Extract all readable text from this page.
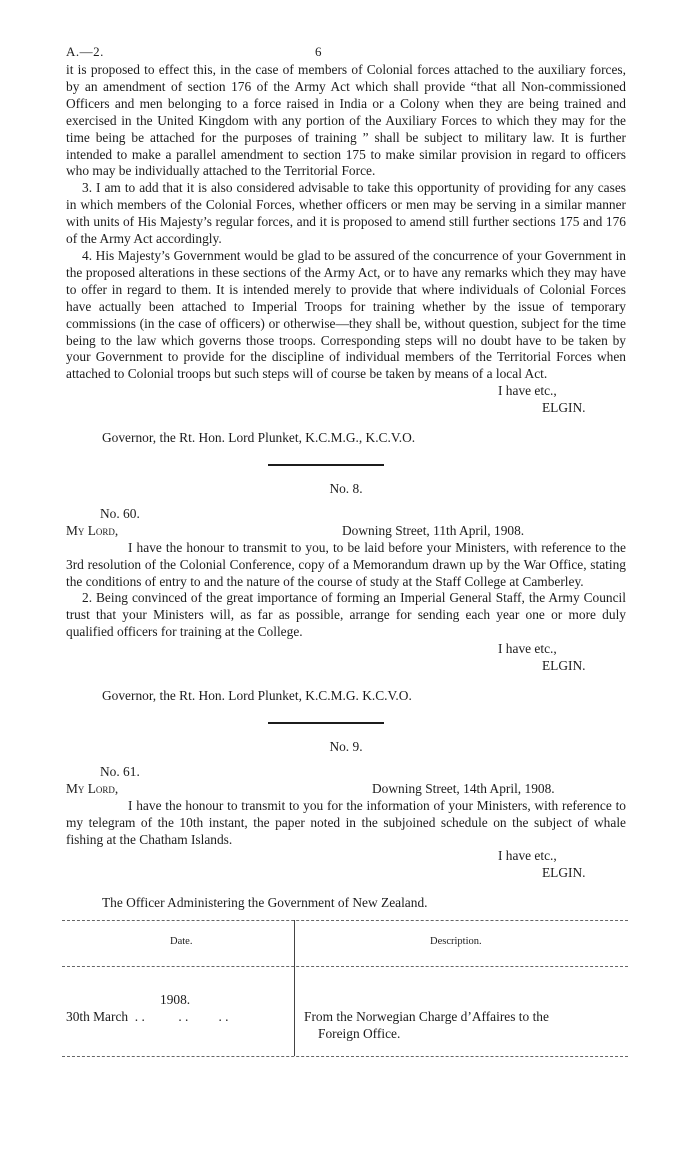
A.—2.	6

it is proposed to effect this, in the case of members of Colonial forces attached to the auxiliary forces, by an amendment of section 176 of the Army Act which shall provide “that all Non-commissioned Officers and men belonging to a force raised in India or a Colony when they are being trained and exercised in the United Kingdom with any portion of the Auxiliary Forces to which they may for the time being be attached for the purposes of training ” shall be subject to military law. It is further intended to make a parallel amendment to section 175 to make similar provision in regard to officers who may be individually attached to the Territorial Force.

3. I am to add that it is also considered advisable to take this opportunity of providing for any cases in which members of the Colonial Forces, whether officers or men may be serving in a similar manner with units of His Majesty’s regular forces, and it is proposed to amend still further sections 175 and 176 of the Army Act accordingly.

4. His Majesty’s Government would be glad to be assured of the concurrence of your Government in the proposed alterations in these sections of the Army Act, or to have any remarks which they may have to offer in regard to them. It is intended merely to provide that where individuals of Colonial Forces have actually been attached to Imperial Troops for training whether by the issue of temporary commissions (in the case of officers) or otherwise—they shall be, without question, subject for the time being to the law which governs those troops. Corresponding steps will no doubt have to be taken by your Government to provide for the discipline of individual members of the Territorial Forces when attached to Colonial troops but such steps will of course be taken by means of a local Act.

I have etc.,

ELGIN.

Governor, the Rt. Hon. Lord Plunket, K.C.M.G., K.C.V.O.

No. 8.

No. 60.

My Lord,	Downing Street, 11th April, 1908.

I have the honour to transmit to you, to be laid before your Ministers, with reference to the 3rd resolution of the Colonial Conference, copy of a Memorandum drawn up by the War Office, stating the conditions of entry to and the nature of the course of study at the Staff College at Camberley.

2. Being convinced of the great importance of forming an Imperial General Staff, the Army Council trust that your Ministers will, as far as possible, arrange for sending each year one or more duly qualified officers for training at the College.

I have etc.,

ELGIN.

Governor, the Rt. Hon. Lord Plunket, K.C.M.G. K.C.V.O.

No. 9.

No. 61.

My Lord,	Downing Street, 14th April, 1908.

I have the honour to transmit to you for the information of your Ministers, with reference to my telegram of the 10th instant, the paper noted in the subjoined schedule on the subject of whale fishing at the Chatham Islands.

I have etc.,

ELGIN.

The Officer Administering the Government of New Zealand.

Date.	Description.
1908.
30th March  . .          . .         . .	From the Norwegian Charge d’Affaires to the
Foreign Office.
